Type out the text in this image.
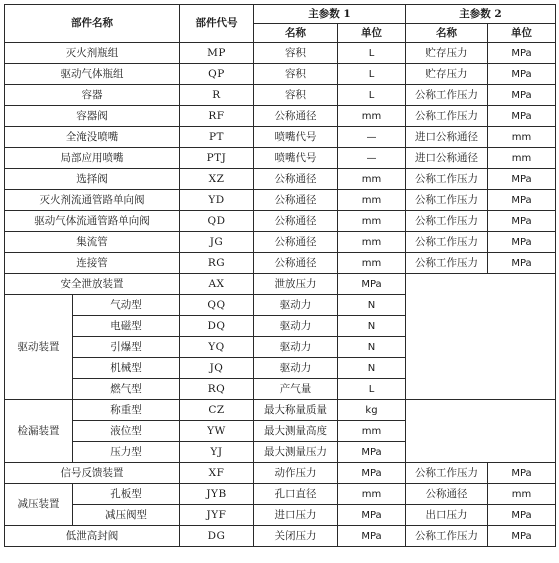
部件名称		部件代号	主参数 1		主参数 2	
			名称	单位	名称	单位
灭火剂瓶组		MP	容积	L	贮存压力	MPa
驱动气体瓶组		QP	容积	L	贮存压力	MPa
容器		R	容积	L	公称工作压力	MPa
容器阀		RF	公称通径	mm	公称工作压力	MPa
全淹没喷嘴		PT	喷嘴代号	—	进口公称通径	mm
局部应用喷嘴		PTJ	喷嘴代号	—	进口公称通径	mm
选择阀		XZ	公称通径	mm	公称工作压力	MPa
灭火剂流通管路单向阀		YD	公称通径	mm	公称工作压力	MPa
驱动气体流通管路单向阀		QD	公称通径	mm	公称工作压力	MPa
集流管		JG	公称通径	mm	公称工作压力	MPa
连接管		RG	公称通径	mm	公称工作压力	MPa
安全泄放装置		AX	泄放压力	MPa		
驱动装置	气动型	QQ	驱动力	N		
	电磁型	DQ	驱动力	N		
	引爆型	YQ	驱动力	N		
	机械型	JQ	驱动力	N		
	燃气型	RQ	产气量	L		
检漏装置	称重型	CZ	最大称量质量	kg		
	液位型	YW	最大测量高度	mm		
	压力型	YJ	最大测量压力	MPa		
信号反馈装置		XF	动作压力	MPa	公称工作压力	MPa
减压装置	孔板型	JYB	孔口直径	mm	公称通径	mm
	减压阀型	JYF	进口压力	MPa	出口压力	MPa
低泄高封阀		DG	关闭压力	MPa	公称工作压力	MPa
